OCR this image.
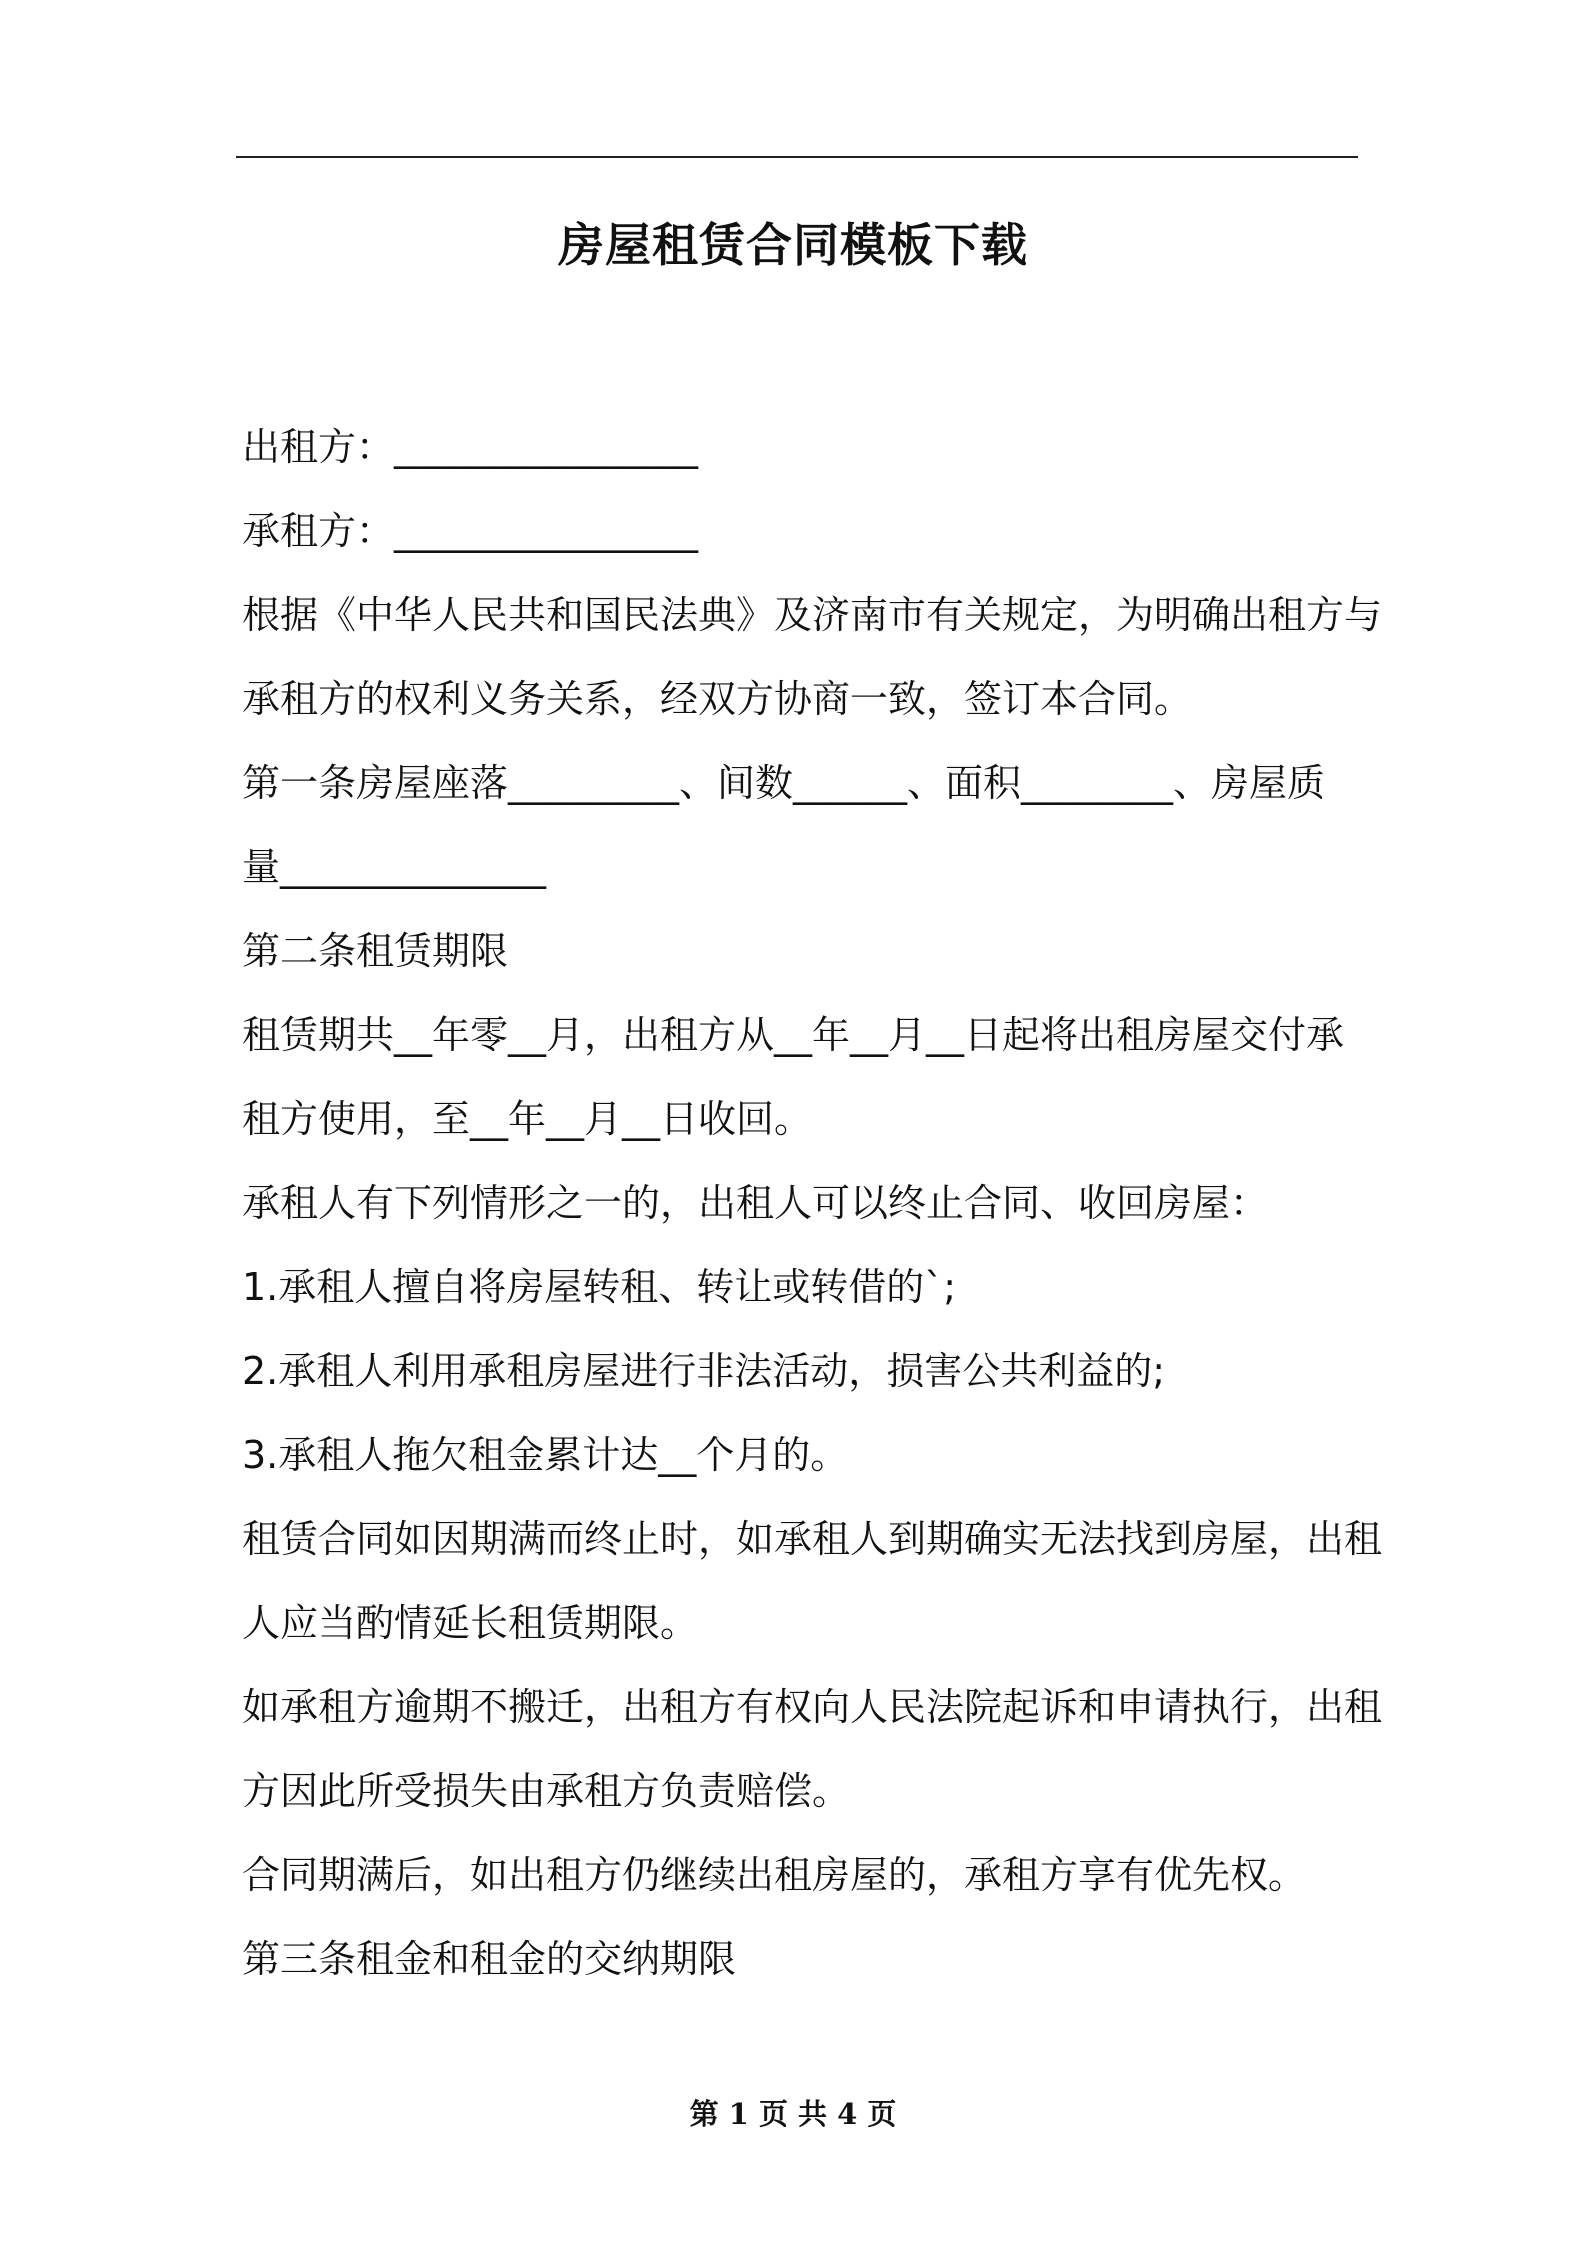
房屋租赁合同模板下载
出租方：________________
承租方：________________
根据《中华人民共和国民法典》及济南市有关规定，为明确出租方与
承租方的权利义务关系，经双方协商一致，签订本合同。
第一条房屋座落_________、间数______、面积________、房屋质
量______________
第二条租赁期限
租赁期共__年零__月，出租方从__年__月__日起将出租房屋交付承
租方使用，至__年__月__日收回。
承租人有下列情形之一的，出租人可以终止合同、收回房屋：
1.承租人擅自将房屋转租、转让或转借的`;
2.承租人利用承租房屋进行非法活动，损害公共利益的;
3.承租人拖欠租金累计达__个月的。
租赁合同如因期满而终止时，如承租人到期确实无法找到房屋，出租
人应当酌情延长租赁期限。
如承租方逾期不搬迁，出租方有权向人民法院起诉和申请执行，出租
方因此所受损失由承租方负责赔偿。
合同期满后，如出租方仍继续出租房屋的，承租方享有优先权。
第三条租金和租金的交纳期限
第 1 页 共 4 页
